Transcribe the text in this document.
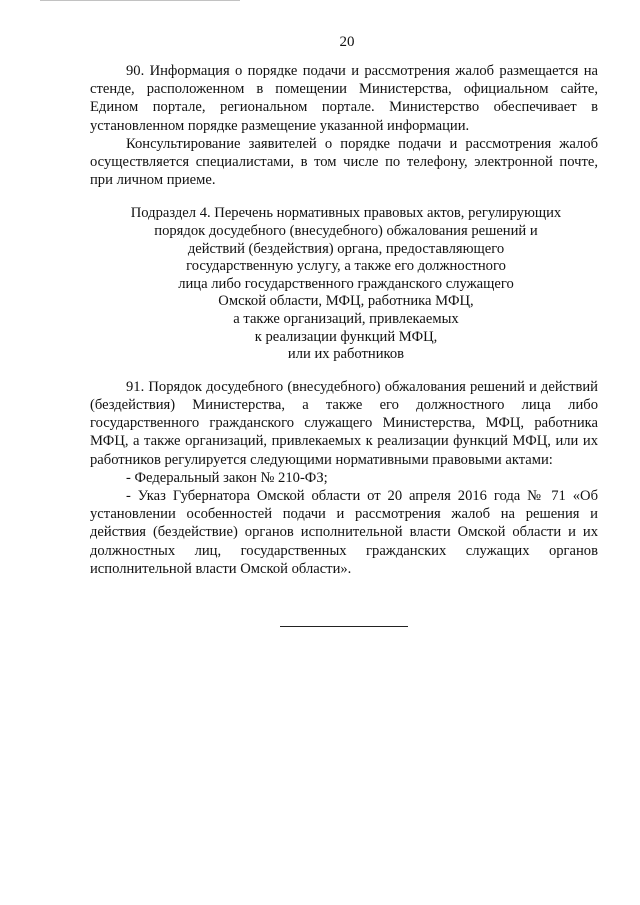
20
90. Информация о порядке подачи и рассмотрения жалоб размещается на стенде, расположенном в помещении Министерства, официальном сайте, Едином портале, региональном портале. Министерство обеспечивает в установленном порядке размещение указанной информации.
Консультирование заявителей о порядке подачи и рассмотрения жалоб осуществляется специалистами, в том числе по телефону, электронной почте, при личном приеме.
Подраздел 4. Перечень нормативных правовых актов, регулирующих
порядок досудебного (внесудебного) обжалования решений и
действий (бездействия) органа, предоставляющего
государственную услугу, а также его должностного
лица либо государственного гражданского служащего
Омской области, МФЦ, работника МФЦ,
а также организаций, привлекаемых
к реализации функций МФЦ,
или их работников
91. Порядок досудебного (внесудебного) обжалования решений и действий (бездействия) Министерства, а также его должностного лица либо государственного гражданского служащего Министерства, МФЦ, работника МФЦ, а также организаций, привлекаемых к реализации функций МФЦ, или их работников регулируется следующими нормативными правовыми актами:
- Федеральный закон № 210-ФЗ;
- Указ Губернатора Омской области от 20 апреля 2016 года № 71 «Об установлении особенностей подачи и рассмотрения жалоб на решения и действия (бездействие) органов исполнительной власти Омской области и их должностных лиц, государственных гражданских служащих органов исполнительной власти Омской области».
